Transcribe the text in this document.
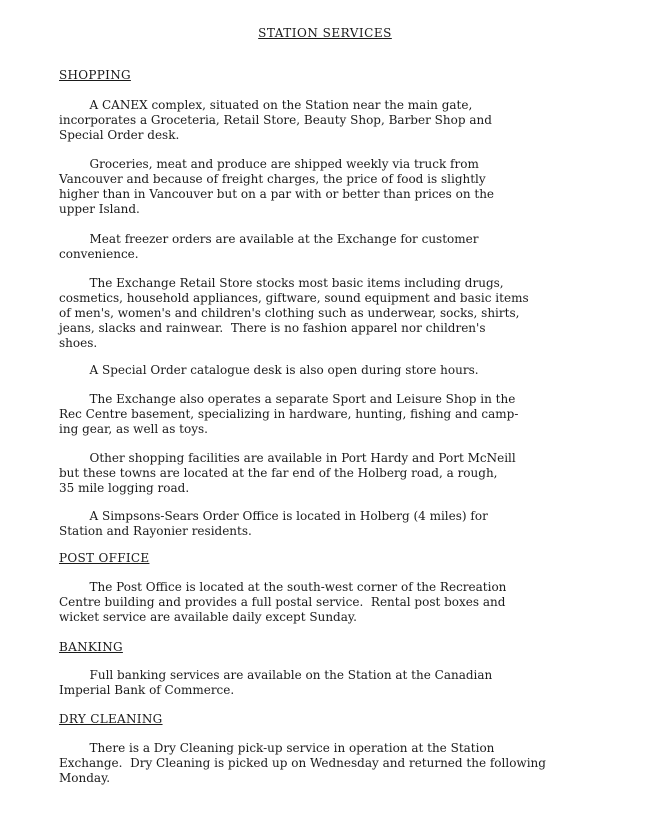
STATION SERVICES
SHOPPING
A CANEX complex, situated on the Station near the main gate,
incorporates a Groceteria, Retail Store, Beauty Shop, Barber Shop and
Special Order desk.
Groceries, meat and produce are shipped weekly via truck from
Vancouver and because of freight charges, the price of food is slightly
higher than in Vancouver but on a par with or better than prices on the
upper Island.
Meat freezer orders are available at the Exchange for customer
convenience.
The Exchange Retail Store stocks most basic items including drugs,
cosmetics, household appliances, giftware, sound equipment and basic items
of men's, women's and children's clothing such as underwear, socks, shirts,
jeans, slacks and rainwear.  There is no fashion apparel nor children's
shoes.
A Special Order catalogue desk is also open during store hours.
The Exchange also operates a separate Sport and Leisure Shop in the
Rec Centre basement, specializing in hardware, hunting, fishing and camp-
ing gear, as well as toys.
Other shopping facilities are available in Port Hardy and Port McNeill
but these towns are located at the far end of the Holberg road, a rough,
35 mile logging road.
A Simpsons-Sears Order Office is located in Holberg (4 miles) for
Station and Rayonier residents.
POST OFFICE
The Post Office is located at the south-west corner of the Recreation
Centre building and provides a full postal service.  Rental post boxes and
wicket service are available daily except Sunday.
BANKING
Full banking services are available on the Station at the Canadian
Imperial Bank of Commerce.
DRY CLEANING
There is a Dry Cleaning pick-up service in operation at the Station
Exchange.  Dry Cleaning is picked up on Wednesday and returned the following
Monday.
